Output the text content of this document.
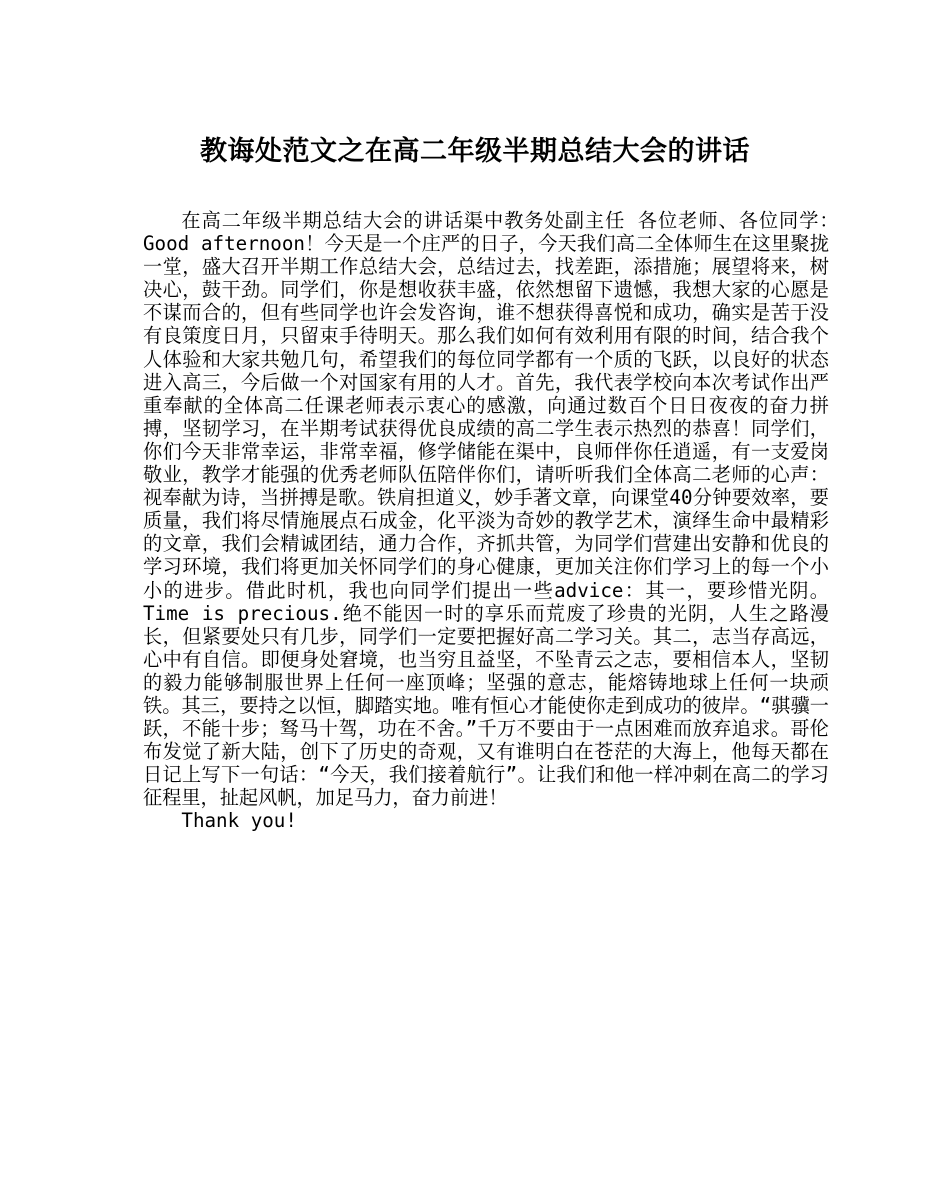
教诲处范文之在高二年级半期总结大会的讲话

在高二年级半期总结大会的讲话渠中教务处副主任 各位老师、各位同学：　　　Good afternoon！今天是一个庄严的日子，今天我们高二全体师生在这里聚拢一堂，盛大召开半期工作总结大会，总结过去，找差距，添措施；展望将来，树决心，鼓干劲。同学们，你是想收获丰盛，依然想留下遗憾，我想大家的心愿是不谋而合的，但有些同学也许会发咨询，谁不想获得喜悦和成功，确实是苦于没有良策度日月，只留束手待明天。那么我们如何有效利用有限的时间，结合我个人体验和大家共勉几句，希望我们的每位同学都有一个质的飞跃，以良好的状态进入高三，今后做一个对国家有用的人才。首先，我代表学校向本次考试作出严重奉献的全体高二任课老师表示衷心的感激，向通过数百个日日夜夜的奋力拼搏，坚韧学习，在半期考试获得优良成绩的高二学生表示热烈的恭喜！同学们，你们今天非常幸运，非常幸福，修学储能在渠中，良师伴你任逍遥，有一支爱岗敬业，教学才能强的优秀老师队伍陪伴你们，请听听我们全体高二老师的心声：视奉献为诗，当拼搏是歌。铁肩担道义，妙手著文章，向课堂40分钟要效率，要质量，我们将尽情施展点石成金，化平淡为奇妙的教学艺术，演绎生命中最精彩的文章，我们会精诚团结，通力合作，齐抓共管，为同学们营建出安静和优良的学习环境，我们将更加关怀同学们的身心健康，更加关注你们学习上的每一个小小的进步。借此时机，我也向同学们提出一些advice：其一，要珍惜光阴。Time is precious.绝不能因一时的享乐而荒废了珍贵的光阴，人生之路漫长，但紧要处只有几步，同学们一定要把握好高二学习关。其二，志当存高远，心中有自信。即便身处窘境，也当穷且益坚，不坠青云之志，要相信本人，坚韧的毅力能够制服世界上任何一座顶峰；坚强的意志，能熔铸地球上任何一块顽铁。其三，要持之以恒，脚踏实地。唯有恒心才能使你走到成功的彼岸。“骐骥一跃，不能十步；驽马十驾，功在不舍。”千万不要由于一点困难而放弃追求。哥伦布发觉了新大陆，创下了历史的奇观，又有谁明白在苍茫的大海上，他每天都在日记上写下一句话：“今天，我们接着航行”。让我们和他一样冲刺在高二的学习征程里，扯起风帆，加足马力，奋力前进！

Thank you!
